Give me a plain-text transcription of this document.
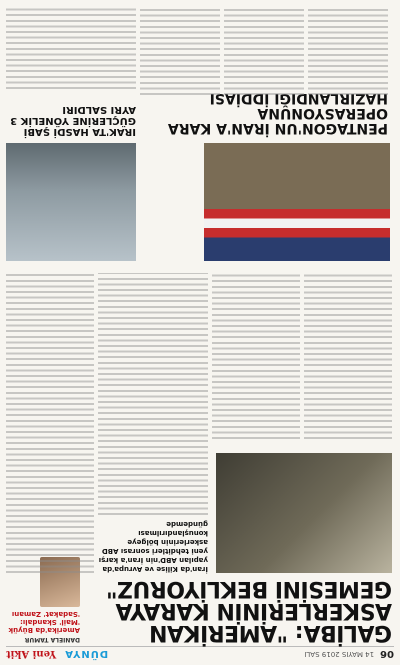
06
14 MAYIS 2019 SALI
DÜNYA
Yeni Akit
GALİBA: "AMERİKAN ASKERLERİNİN KARAYA GEMESİNİ BEKLİYORUZ"
DANIELA TAMUR
Amerika'da Büyük 'Mail' Skandalı: 'Sadakat' Zamanı
İran'da Kilise ve Avrupa'da yapılan ABD'nin İran'a karşı yeni tehditleri sonrası ABD askerlerinin bölgeye konuşlandırılması gündemde
PENTAGON'UN İRAN'A KARA OPERASYONUNA HAZIRLANDIĞI İDDİASI
IRAK'TA HASDİ ŞABİ GÜÇLERİNE YÖNELİK 3 AYRI SALDIRI
